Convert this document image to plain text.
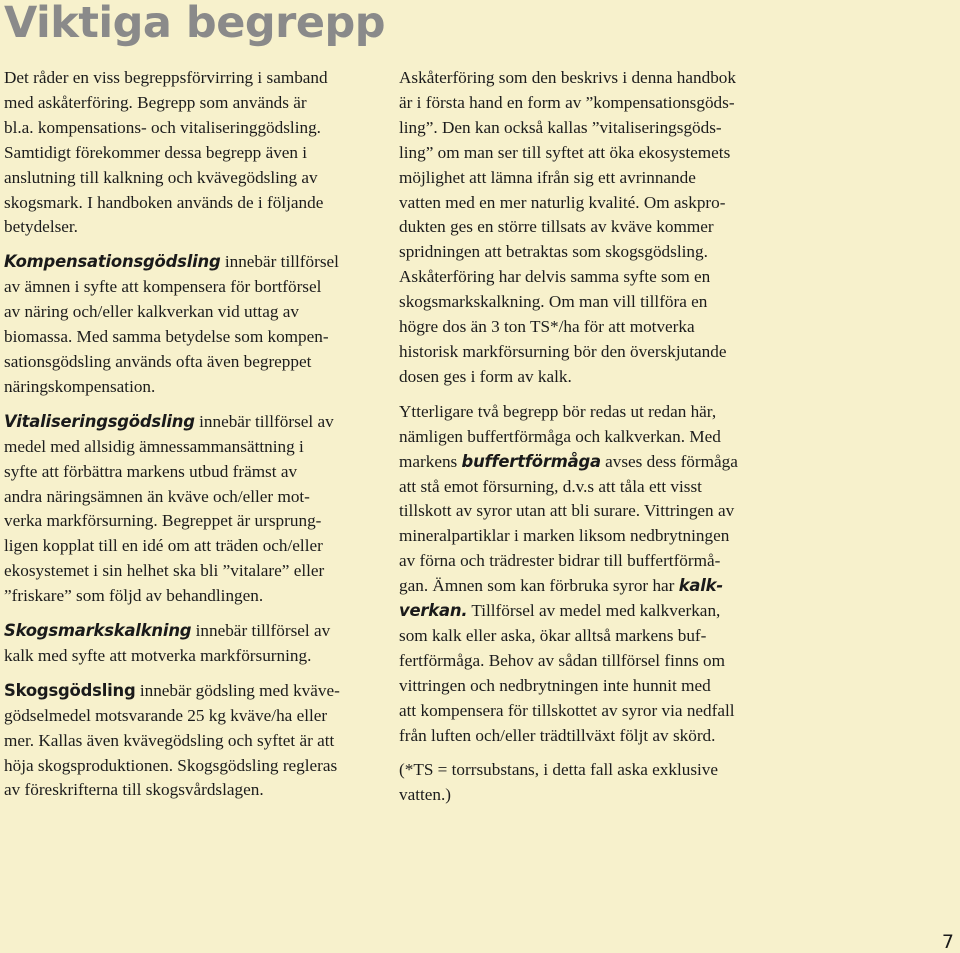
Viktiga begrepp

Det råder en viss begreppsförvirring i samband
med askåterföring. Begrepp som används är
bl.a. kompensations- och vitaliseringgödsling.
Samtidigt förekommer dessa begrepp även i
anslutning till kalkning och kvävegödsling av
skogsmark. I handboken används de i följande
betydelser.

Kompensationsgödsling innebär tillförsel
av ämnen i syfte att kompensera för bortförsel
av näring och/eller kalkverkan vid uttag av
biomassa. Med samma betydelse som kompen-
sationsgödsling används ofta även begreppet
näringskompensation.

Vitaliseringsgödsling innebär tillförsel av
medel med allsidig ämnessammansättning i
syfte att förbättra markens utbud främst av
andra näringsämnen än kväve och/eller mot-
verka markförsurning. Begreppet är ursprung-
ligen kopplat till en idé om att träden och/eller
ekosystemet i sin helhet ska bli ”vitalare” eller
”friskare” som följd av behandlingen.

Skogsmarkskalkning innebär tillförsel av
kalk med syfte att motverka markförsurning.

Skogsgödsling innebär gödsling med kväve-
gödselmedel motsvarande 25 kg kväve/ha eller
mer. Kallas även kvävegödsling och syftet är att
höja skogsproduktionen. Skogsgödsling regleras
av föreskrifterna till skogsvårdslagen.

Askåterföring som den beskrivs i denna handbok
är i första hand en form av ”kompensationsgöds-
ling”. Den kan också kallas ”vitaliseringsgöds-
ling” om man ser till syftet att öka ekosystemets
möjlighet att lämna ifrån sig ett avrinnande
vatten med en mer naturlig kvalité. Om askpro-
dukten ges en större tillsats av kväve kommer
spridningen att betraktas som skogsgödsling.
Askåterföring har delvis samma syfte som en
skogsmarkskalkning. Om man vill tillföra en
högre dos än 3 ton TS*/ha för att motverka
historisk markförsurning bör den överskjutande
dosen ges i form av kalk.

Ytterligare två begrepp bör redas ut redan här,
nämligen buffertförmåga och kalkverkan. Med
markens buffertförmåga avses dess förmåga
att stå emot försurning, d.v.s att tåla ett visst
tillskott av syror utan att bli surare. Vittringen av
mineralpartiklar i marken liksom nedbrytningen
av förna och trädrester bidrar till buffertförmå-
gan. Ämnen som kan förbruka syror har kalk-
verkan. Tillförsel av medel med kalkverkan,
som kalk eller aska, ökar alltså markens buf-
fertförmåga. Behov av sådan tillförsel finns om
vittringen och nedbrytningen inte hunnit med
att kompensera för tillskottet av syror via nedfall
från luften och/eller trädtillväxt följt av skörd.

(*TS = torrsubstans, i detta fall aska exklusive
vatten.)

7
